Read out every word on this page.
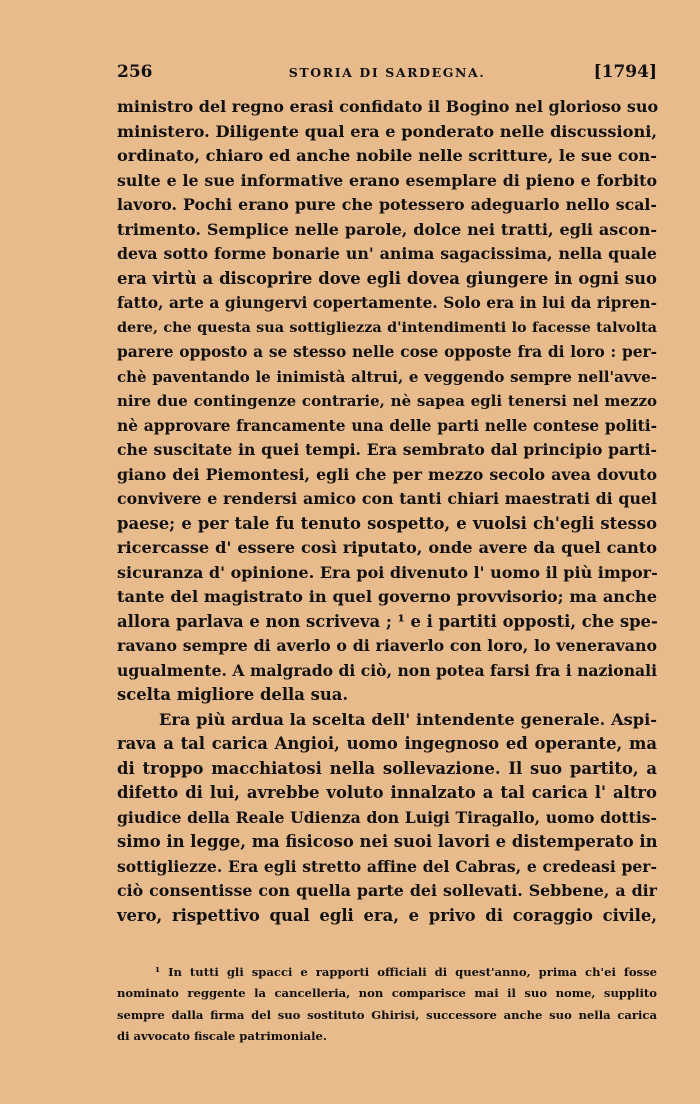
256	STORIA DI SARDEGNA.	[1794]
ministro del regno erasi confidato il Bogino nel glorioso suo
ministero. Diligente qual era e ponderato nelle discussioni,
ordinato, chiaro ed anche nobile nelle scritture, le sue con-
sulte e le sue informative erano esemplare di pieno e forbito
lavoro. Pochi erano pure che potessero adeguarlo nello scal-
trimento. Semplice nelle parole, dolce nei tratti, egli ascon-
deva sotto forme bonarie un' anima sagacissima, nella quale
era virtù a discoprire dove egli dovea giungere in ogni suo
fatto, arte a giungervi copertamente. Solo era in lui da ripren-
dere, che questa sua sottigliezza d'intendimenti lo facesse talvolta
parere opposto a se stesso nelle cose opposte fra di loro : per-
chè paventando le inimistà altrui, e veggendo sempre nell'avve-
nire due contingenze contrarie, nè sapea egli tenersi nel mezzo
nè approvare francamente una delle parti nelle contese politi-
che suscitate in quei tempi. Era sembrato dal principio parti-
giano dei Piemontesi, egli che per mezzo secolo avea dovuto
convivere e rendersi amico con tanti chiari maestrati di quel
paese; e per tale fu tenuto sospetto, e vuolsi ch'egli stesso
ricercasse d' essere così riputato, onde avere da quel canto
sicuranza d' opinione. Era poi divenuto l' uomo il più impor-
tante del magistrato in quel governo provvisorio; ma anche
allora parlava e non scriveva ; ¹ e i partiti opposti, che spe-
ravano sempre di averlo o di riaverlo con loro, lo veneravano
ugualmente. A malgrado di ciò, non potea farsi fra i nazionali
scelta migliore della sua.
Era più ardua la scelta dell' intendente generale. Aspi-
rava a tal carica Angioi, uomo ingegnoso ed operante, ma
di troppo macchiatosi nella sollevazione. Il suo partito, a
difetto di lui, avrebbe voluto innalzato a tal carica l' altro
giudice della Reale Udienza don Luigi Tiragallo, uomo dottis-
simo in legge, ma fisicoso nei suoi lavori e distemperato in
sottigliezze. Era egli stretto affine del Cabras, e credeasi per-
ciò consentisse con quella parte dei sollevati. Sebbene, a dir
vero, rispettivo qual egli era, e privo di coraggio civile,
¹ In tutti gli spacci e rapporti officiali di quest'anno, prima ch'ei fosse
nominato reggente la cancelleria, non comparisce mai il suo nome, supplito
sempre dalla firma del suo sostituto Ghirisi, successore anche suo nella carica
di avvocato fiscale patrimoniale.
